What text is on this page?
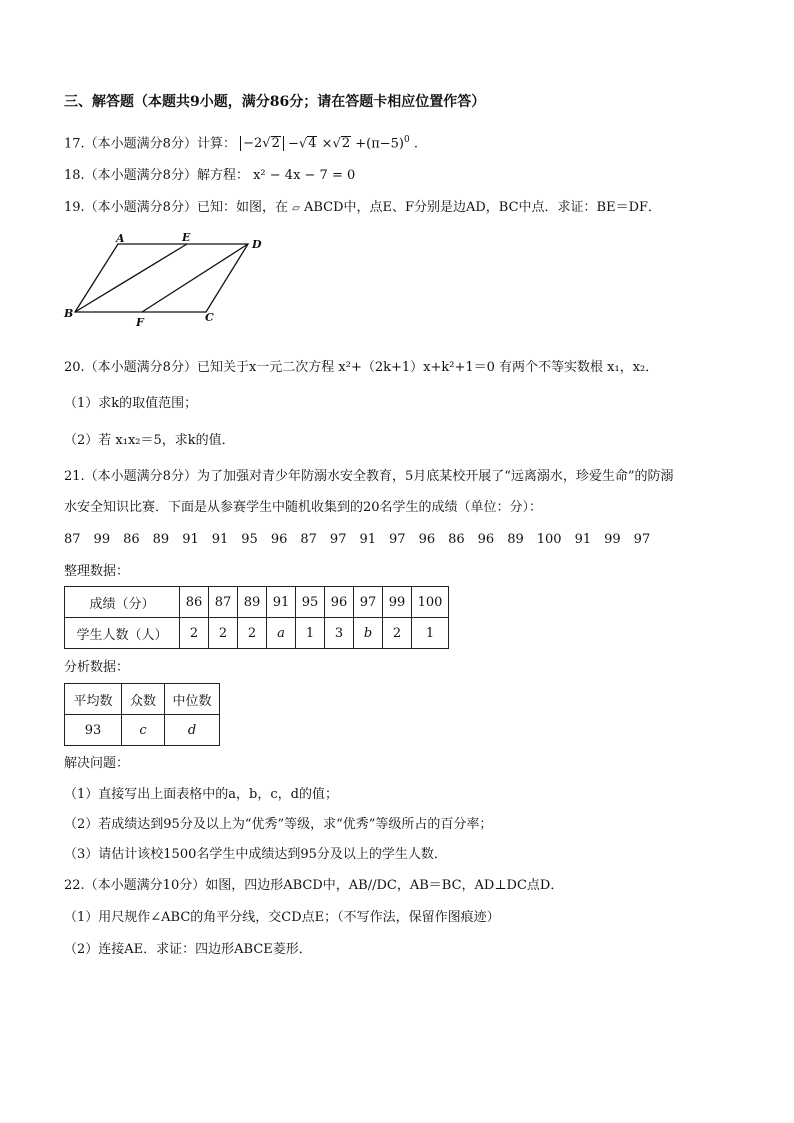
三、解答题（本题共9小题，满分86分；请在答题卡相应位置作答）
17.（本小题满分8分）计算： $-2√2 -√4 \times√2 +(\pi-5)^0$ .
18.（本小题满分8分）解方程： x² − 4x − 7 = 0
19.（本小题满分8分）已知：如图，在 ▱ ABCD中，点E、F分别是边AD，BC中点．求证：BE＝DF．
A	E
D
B
F	C
20.（本小题满分8分）已知关于x一元二次方程 x²+（2k+1）x+k²+1＝0 有两个不等实数根 x₁，x₂．
（1）求k的取值范围；
（2）若 x₁x₂＝5，求k的值．
21.（本小题满分8分）为了加强对青少年防溺水安全教育，5月底某校开展了“远离溺水，珍爱生命”的防溺
水安全知识比赛．下面是从参赛学生中随机收集到的20名学生的成绩（单位：分）：
87 99 86 89 91 91 95 96 87 97 91 97 96 86 96 89 100 91 99 97
整理数据：
成绩（分）	86	87	89	91	95	96	97	99	100
学生人数（人）	2	2	2	a	1	3	b	2	1
分析数据：
平均数	众数	中位数
93	c	d
解决问题：
（1）直接写出上面表格中的a，b，c，d的值；
（2）若成绩达到95分及以上为“优秀”等级，求“优秀”等级所占的百分率；
（3）请估计该校1500名学生中成绩达到95分及以上的学生人数．
22.（本小题满分10分）如图，四边形ABCD中，AB//DC，AB＝BC，AD⊥DC点D．
（1）用尺规作∠ABC的角平分线，交CD点E；（不写作法，保留作图痕迹）
（2）连接AE．求证：四边形ABCE菱形．
